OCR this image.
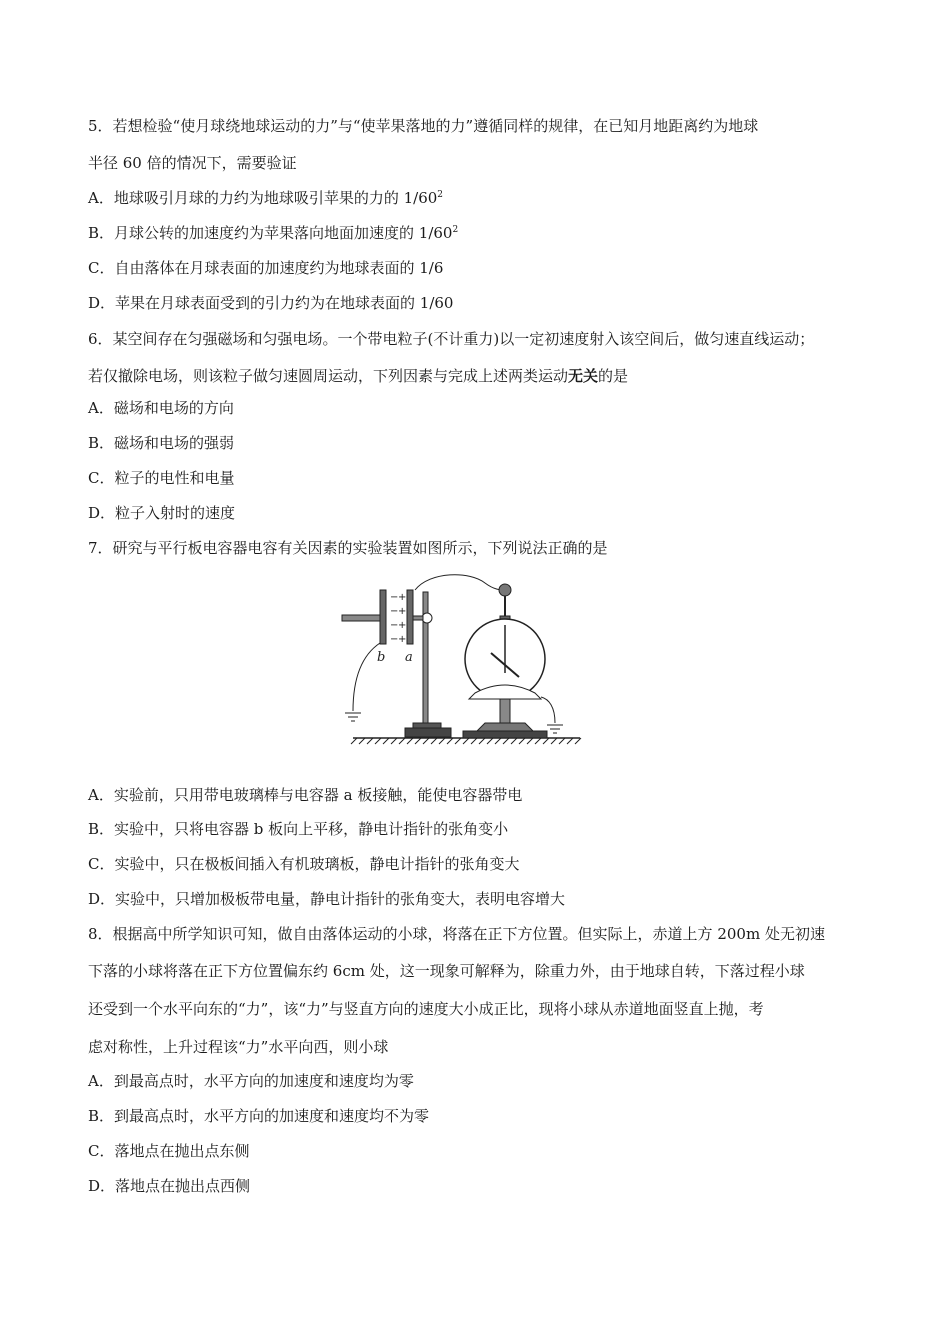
5．若想检验“使月球绕地球运动的力”与“使苹果落地的力”遵循同样的规律，在已知月地距离约为地球
半径 60 倍的情况下，需要验证
A．地球吸引月球的力约为地球吸引苹果的力的 $1/60^2$
B．月球公转的加速度约为苹果落向地面加速度的 $1/60^2$
C．自由落体在月球表面的加速度约为地球表面的 1/6
D．苹果在月球表面受到的引力约为在地球表面的 1/60
6．某空间存在匀强磁场和匀强电场。一个带电粒子(不计重力)以一定初速度射入该空间后，做匀速直线运动；
若仅撤除电场，则该粒子做匀速圆周运动，下列因素与完成上述两类运动无关的是
A．磁场和电场的方向
B．磁场和电场的强弱
C．粒子的电性和电量
D．粒子入射时的速度
7．研究与平行板电容器电容有关因素的实验装置如图所示，下列说法正确的是
−
−
−
−
+
+
+
+
b a
A．实验前，只用带电玻璃棒与电容器 a 板接触，能使电容器带电
B．实验中，只将电容器 b 板向上平移，静电计指针的张角变小
C．实验中，只在极板间插入有机玻璃板，静电计指针的张角变大
D．实验中，只增加极板带电量，静电计指针的张角变大，表明电容增大
8．根据高中所学知识可知，做自由落体运动的小球，将落在正下方位置。但实际上，赤道上方 200m 处无初速
下落的小球将落在正下方位置偏东约 6cm 处，这一现象可解释为，除重力外，由于地球自转，下落过程小球
还受到一个水平向东的“力”，该“力”与竖直方向的速度大小成正比，现将小球从赤道地面竖直上抛，考
虑对称性，上升过程该“力”水平向西，则小球
A．到最高点时，水平方向的加速度和速度均为零
B．到最高点时，水平方向的加速度和速度均不为零
C．落地点在抛出点东侧
D．落地点在抛出点西侧
